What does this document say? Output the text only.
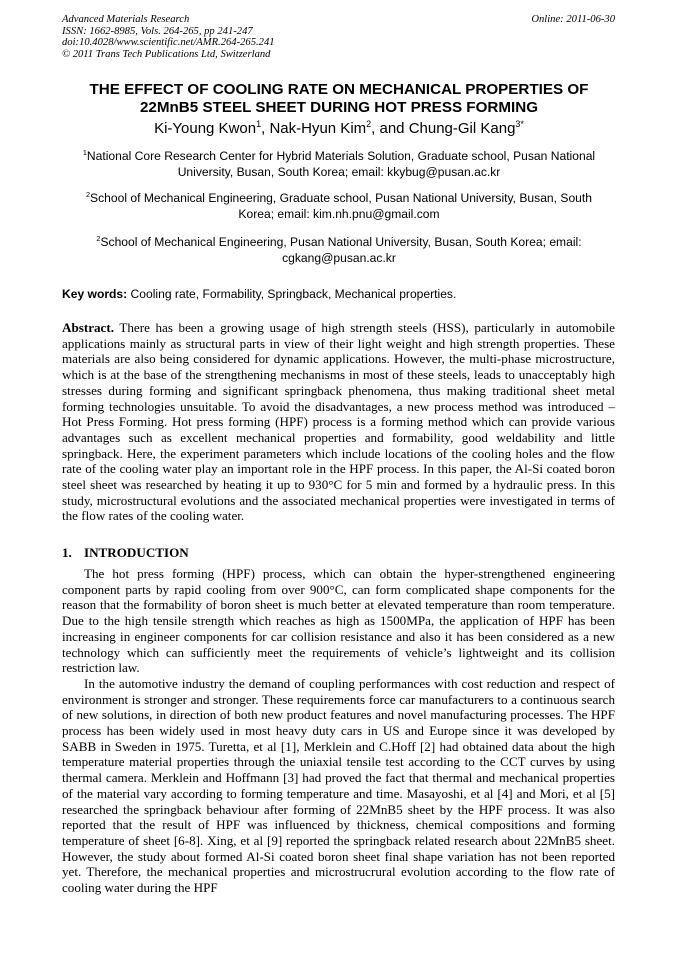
Advanced Materials Research
ISSN: 1662-8985, Vols. 264-265, pp 241-247
doi:10.4028/www.scientific.net/AMR.264-265.241
© 2011 Trans Tech Publications Ltd, Switzerland
Online: 2011-06-30
THE EFFECT OF COOLING RATE ON MECHANICAL PROPERTIES OF
22MnB5 STEEL SHEET DURING HOT PRESS FORMING
Ki-Young Kwon$^1$, Nak-Hyun Kim$^2$, and Chung-Gil Kang$^{3*}$
$^1$National Core Research Center for Hybrid Materials Solution, Graduate school, Pusan National
University, Busan, South Korea; email: kkybug@pusan.ac.kr
$^2$School of Mechanical Engineering, Graduate school, Pusan National University, Busan, South
Korea; email: kim.nh.pnu@gmail.com
$^2$School of Mechanical Engineering, Pusan National University, Busan, South Korea; email:
cgkang@pusan.ac.kr
Key words: Cooling rate, Formability, Springback, Mechanical properties.
Abstract. There has been a growing usage of high strength steels (HSS), particularly in automobile applications mainly as structural parts in view of their light weight and high strength properties. These materials are also being considered for dynamic applications. However, the multi-phase microstructure, which is at the base of the strengthening mechanisms in most of these steels, leads to unacceptably high stresses during forming and significant springback phenomena, thus making traditional sheet metal forming technologies unsuitable. To avoid the disadvantages, a new process method was introduced – Hot Press Forming. Hot press forming (HPF) process is a forming method which can provide various advantages such as excellent mechanical properties and formability, good weldability and little springback. Here, the experiment parameters which include locations of the cooling holes and the flow rate of the cooling water play an important role in the HPF process. In this paper, the Al-Si coated boron steel sheet was researched by heating it up to 930°C for 5 min and formed by a hydraulic press. In this study, microstructural evolutions and the associated mechanical properties were investigated in terms of the flow rates of the cooling water.
1. INTRODUCTION

The hot press forming (HPF) process, which can obtain the hyper-strengthened engineering component parts by rapid cooling from over 900°C, can form complicated shape components for the reason that the formability of boron sheet is much better at elevated temperature than room temperature. Due to the high tensile strength which reaches as high as 1500MPa, the application of HPF has been increasing in engineer components for car collision resistance and also it has been considered as a new technology which can sufficiently meet the requirements of vehicle’s lightweight and its collision restriction law.

In the automotive industry the demand of coupling performances with cost reduction and respect of environment is stronger and stronger. These requirements force car manufacturers to a continuous search of new solutions, in direction of both new product features and novel manufacturing processes. The HPF process has been widely used in most heavy duty cars in US and Europe since it was developed by SABB in Sweden in 1975. Turetta, et al [1], Merklein and C.Hoff [2] had obtained data about the high temperature material properties through the uniaxial tensile test according to the CCT curves by using thermal camera. Merklein and Hoffmann [3] had proved the fact that thermal and mechanical properties of the material vary according to forming temperature and time. Masayoshi, et al [4] and Mori, et al [5] researched the springback behaviour after forming of 22MnB5 sheet by the HPF process. It was also reported that the result of HPF was influenced by thickness, chemical compositions and forming temperature of sheet [6-8]. Xing, et al [9] reported the springback related research about 22MnB5 sheet. However, the study about formed Al-Si coated boron sheet final shape variation has not been reported yet. Therefore, the mechanical properties and microstrucrural evolution according to the flow rate of cooling water during the HPF
